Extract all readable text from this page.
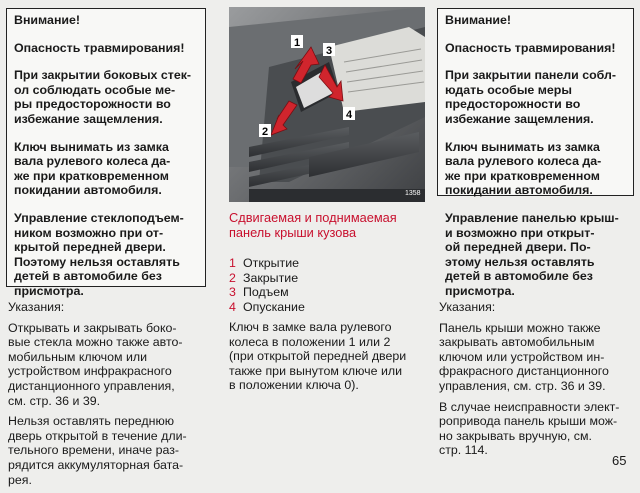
Внимание!

Опасность травмирования!

При закрытии боковых стек-
ол соблюдать особые ме-
ры предосторожности во
избежание защемления.

Ключ вынимать из замка
вала рулевого колеса да-
же при кратковременном
покидании автомобиля.

Управление стеклоподъем-
ником возможно при от-
крытой передней двери.
Поэтому нельзя оставлять
детей в автомобиле без
присмотра.

Указания:

Открывать и закрывать боко-
вые стекла можно также авто-
мобильным ключом или
устройством инфракрасного
дистанционного управления,
см. стр. 36 и 39.

Нельзя оставлять переднюю
дверь открытой в течение дли-
тельного времени, иначе раз-
рядится аккумуляторная бата-
рея.

1
2
3
4
1358
Сдвигаемая и поднимаемая
панель крыши кузова
1 Открытие
2 Закрытие
3 Подъем
4 Опускание
Ключ в замке вала рулевого
колеса в положении 1 или 2
(при открытой передней двери
также при вынутом ключе или
в положении ключа 0).

Внимание!

Опасность травмирования!

При закрытии панели собл-
юдать особые меры
предосторожности во
избежание защемления.

Ключ вынимать из замка
вала рулевого колеса да-
же при кратковременном
покидании автомобиля.

Управление панелью крыш-
и возможно при открыт-
ой передней двери. По-
этому нельзя оставлять
детей в автомобиле без
присмотра.

Указания:

Панель крыши можно также
закрывать автомобильным
ключом или устройством ин-
фракрасного дистанционного
управления, см. стр. 36 и 39.

В случае неисправности элект-
ропривода панель крыши мож-
но закрывать вручную, см.
стр. 114.

65
